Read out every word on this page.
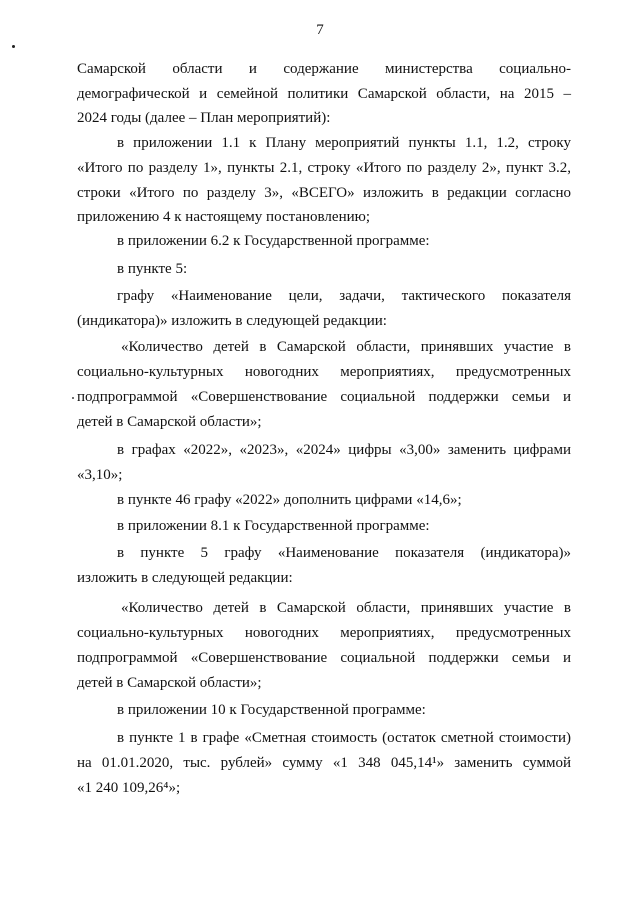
7
Самарской области и содержание министерства социально-
демографической и семейной политики Самарской области, на 2015 –
2024 годы (далее – План мероприятий):
в приложении 1.1 к Плану мероприятий пункты 1.1, 1.2, строку
«Итого по разделу 1», пункты 2.1, строку «Итого по разделу 2», пункт 3.2,
строки «Итого по разделу 3», «ВСЕГО» изложить в редакции согласно
приложению 4 к настоящему постановлению;
в приложении 6.2 к Государственной программе:
в пункте 5:
графу «Наименование цели, задачи, тактического показателя
(индикатора)» изложить в следующей редакции:
«Количество детей в Самарской области, принявших участие в
социально-культурных новогодних мероприятиях, предусмотренных
подпрограммой «Совершенствование социальной поддержки семьи и
детей в Самарской области»;
в графах «2022», «2023», «2024» цифры «3,00» заменить цифрами
«3,10»;
в пункте 46 графу «2022» дополнить цифрами «14,6»;
в приложении 8.1 к Государственной программе:
в пункте 5 графу «Наименование показателя (индикатора)»
изложить в следующей редакции:
«Количество детей в Самарской области, принявших участие в
социально-культурных новогодних мероприятиях, предусмотренных
подпрограммой «Совершенствование социальной поддержки семьи и
детей в Самарской области»;
в приложении 10 к Государственной программе:
в пункте 1 в графе «Сметная стоимость (остаток сметной стоимости)
на 01.01.2020, тыс. рублей» сумму «1 348 045,14¹» заменить суммой
«1 240 109,26⁴»;
